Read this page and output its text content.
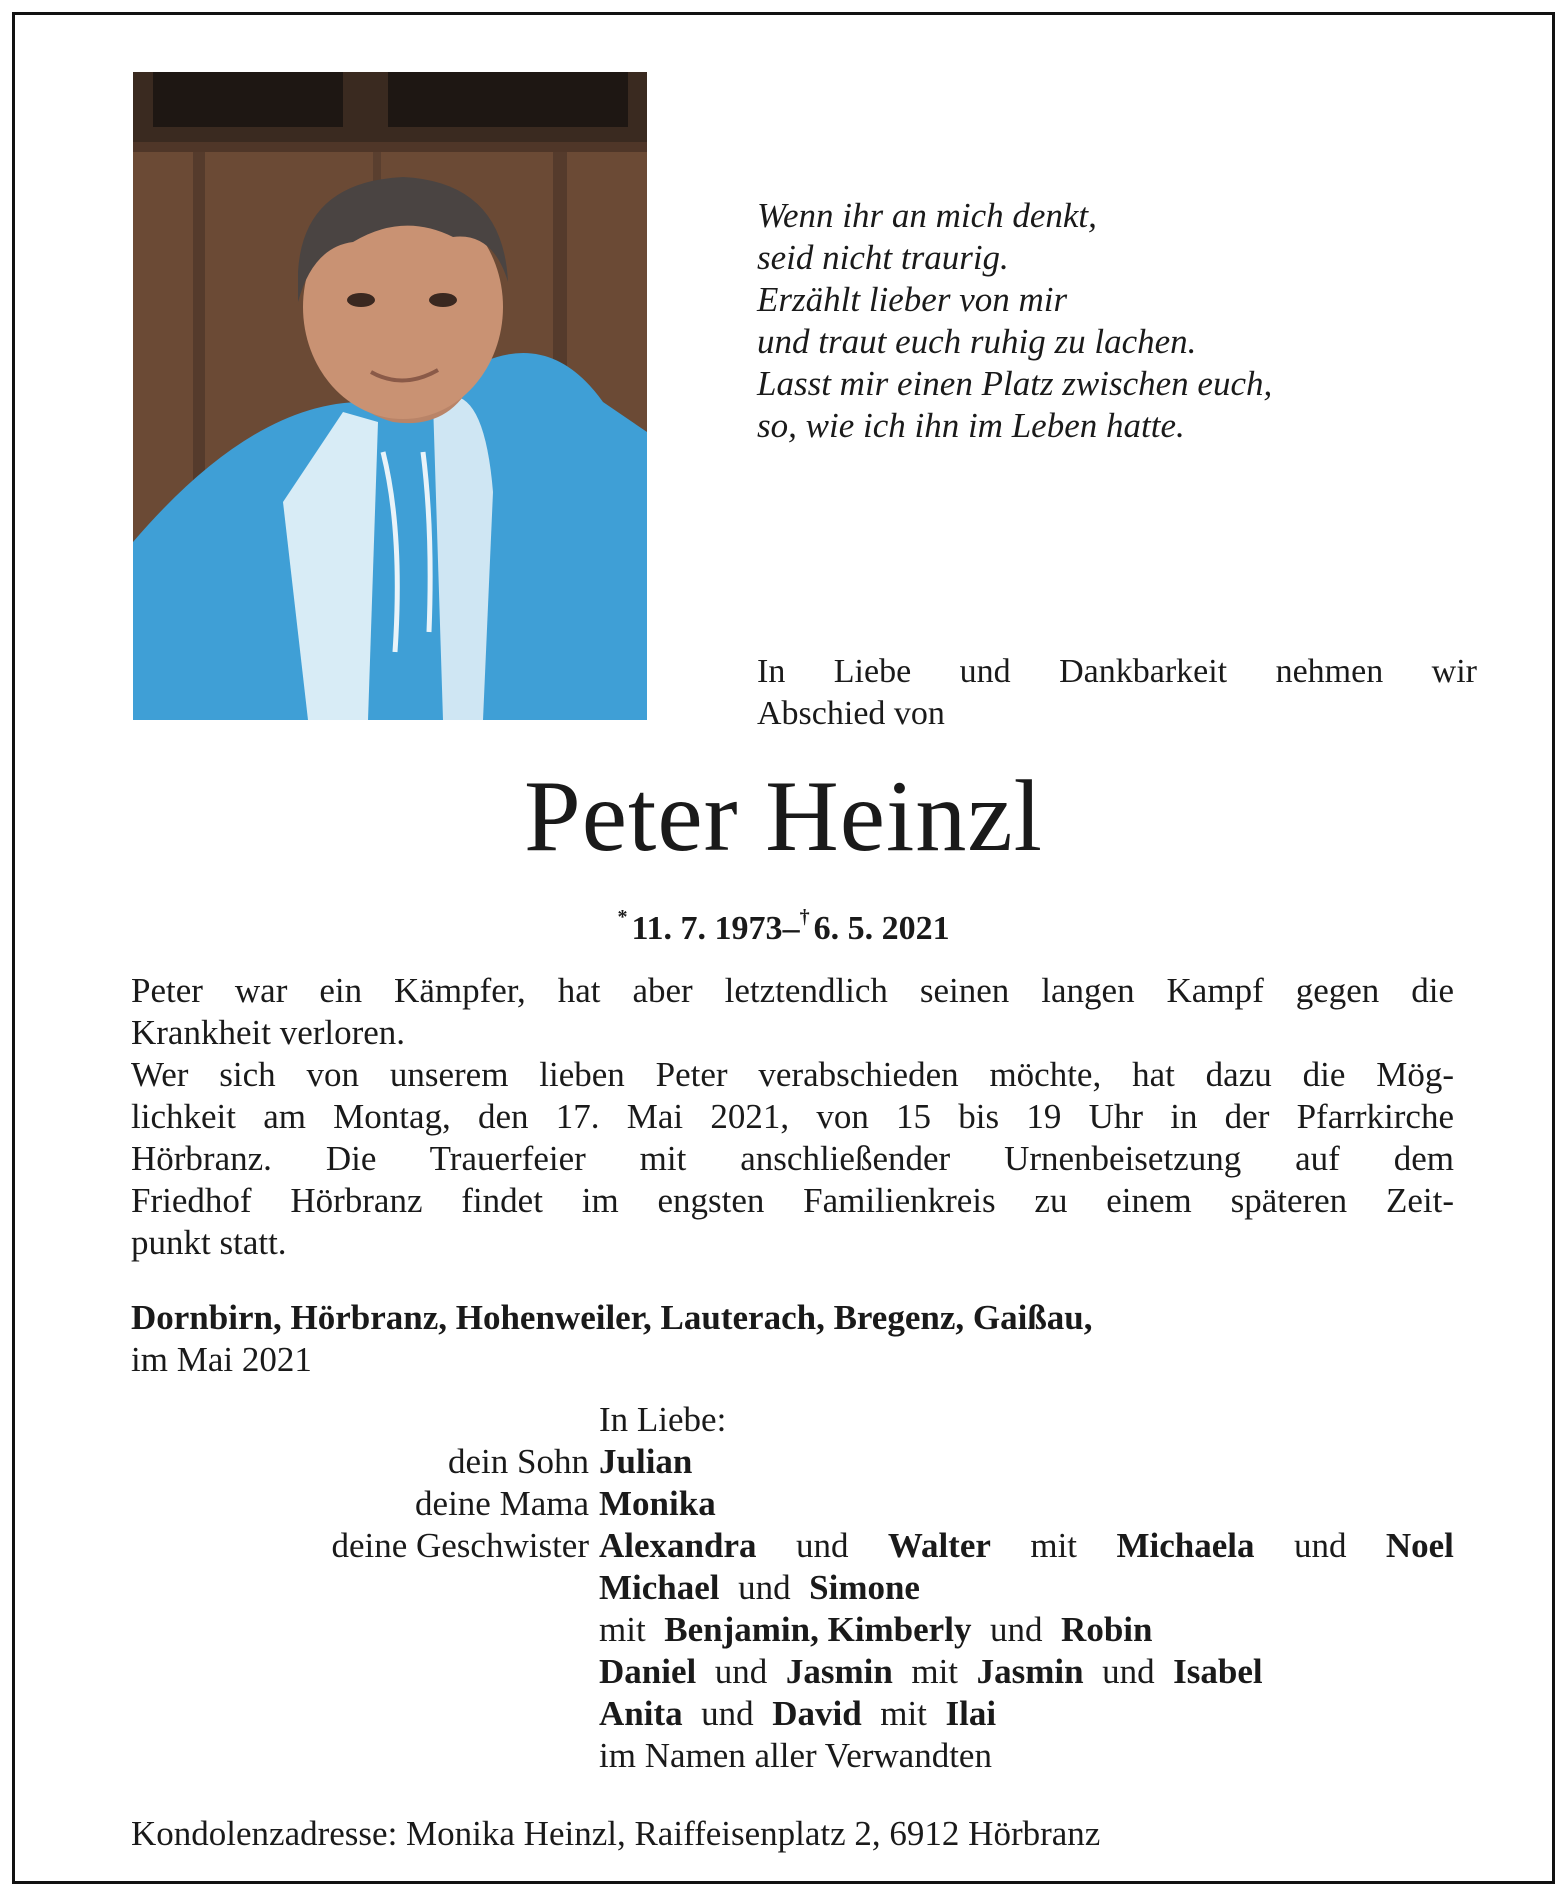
Wenn ihr an mich denkt,
seid nicht traurig.
Erzählt lieber von mir
und traut euch ruhig zu lachen.
Lasst mir einen Platz zwischen euch,
so, wie ich ihn im Leben hatte.
In Liebe und Dankbarkeit nehmen wir
Abschied von
Peter Heinzl
* 11. 7. 1973–† 6. 5. 2021
Peter war ein Kämpfer, hat aber letztendlich seinen langen Kampf gegen die
Krankheit verloren.
Wer sich von unserem lieben Peter verabschieden möchte, hat dazu die Mög-
lichkeit am Montag, den 17. Mai 2021, von 15 bis 19 Uhr in der Pfarrkirche
Hörbranz. Die Trauerfeier mit anschließender Urnenbeisetzung auf dem
Friedhof Hörbranz findet im engsten Familienkreis zu einem späteren Zeit-
punkt statt.
Dornbirn, Hörbranz, Hohenweiler, Lauterach, Bregenz, Gaißau,
im Mai 2021
In Liebe:
dein Sohn Julian
deine Mama Monika
deine Geschwister Alexandra und Walter mit Michaela und Noel
Michael und Simone
mit Benjamin, Kimberly und Robin
Daniel und Jasmin mit Jasmin und Isabel
Anita und David mit Ilai
im Namen aller Verwandten
Kondolenzadresse: Monika Heinzl, Raiffeisenplatz 2, 6912 Hörbranz
